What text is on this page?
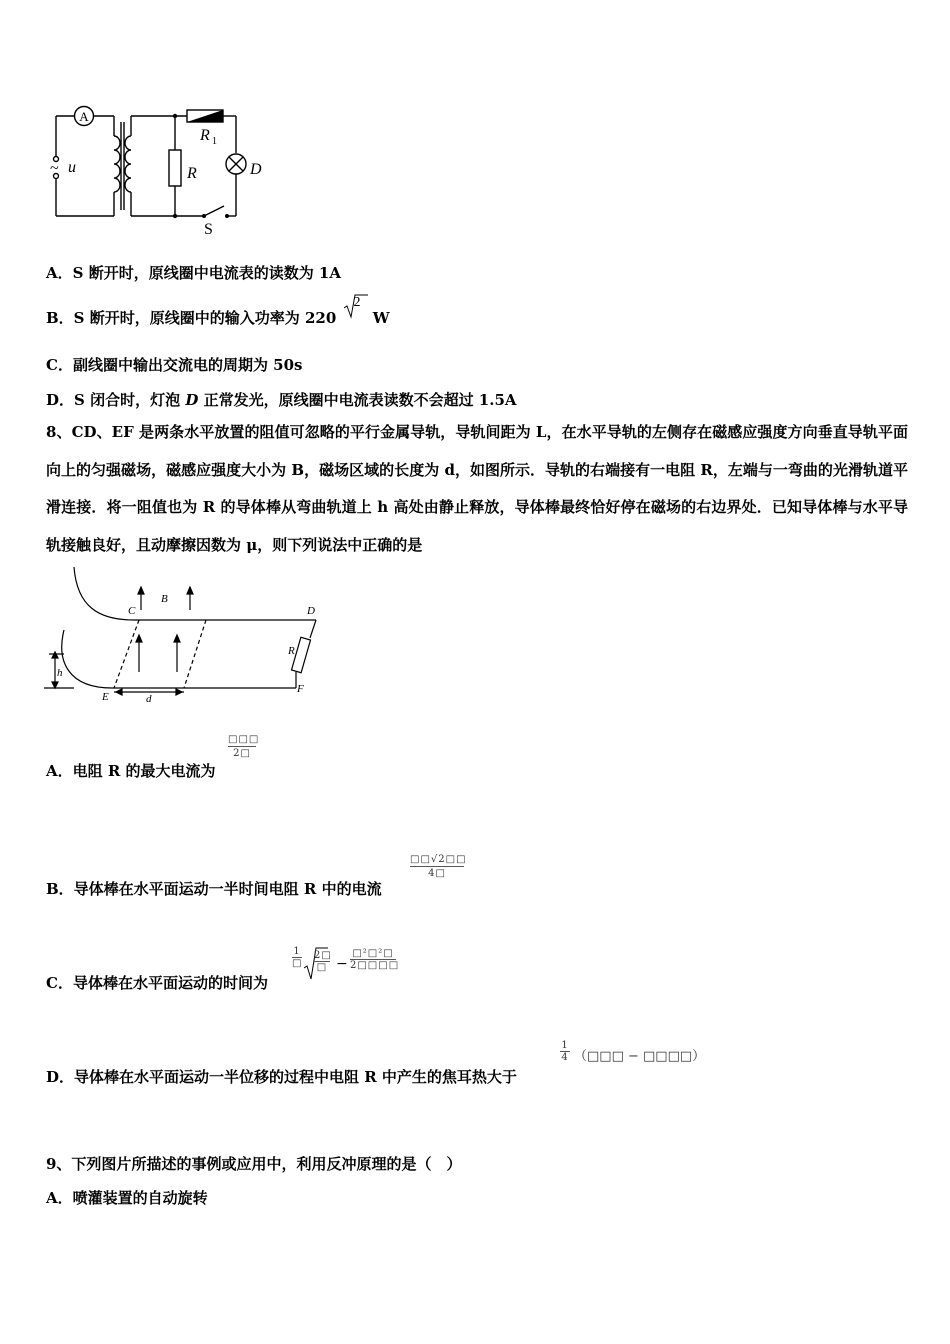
A
~ u
R 1
R	D
S
A．S 断开时，原线圈中电流表的读数为 1A
B．S 断开时，原线圈中的输入功率为 220
2
W
C．副线圈中输出交流电的周期为 50s
D．S 闭合时，灯泡 D 正常发光，原线圈中电流表读数不会超过 1.5A
8、CD、EF 是两条水平放置的阻值可忽略的平行金属导轨，导轨间距为 L，在水平导轨的左侧存在磁感应强度方向垂直导轨平面向上的匀强磁场，磁感应强度大小为 B，磁场区域的长度为 d，如图所示．导轨的右端接有一电阻 R，左端与一弯曲的光滑轨道平滑连接．将一阻值也为 R 的导体棒从弯曲轨道上 h 高处由静止释放，导体棒最终恰好停在磁场的右边界处．已知导体棒与水平导轨接触良好，且动摩擦因数为 μ，则下列说法中正确的是
C
B
D
R
h
E	d
F
A．电阻 R 的最大电流为
□□□
2□
B．导体棒在水平面运动一半时间电阻 R 中的电流
□□√2□□
4□
C．导体棒在水平面运动的时间为
1
□
2□
□ −
□²□²□
2□□□□
D．导体棒在水平面运动一半位移的过程中电阻 R 中产生的焦耳热大于
1
4 （□□□ − □□□□）
9、下列图片所描述的事例或应用中，利用反冲原理的是（　）
A．喷灌装置的自动旋转
